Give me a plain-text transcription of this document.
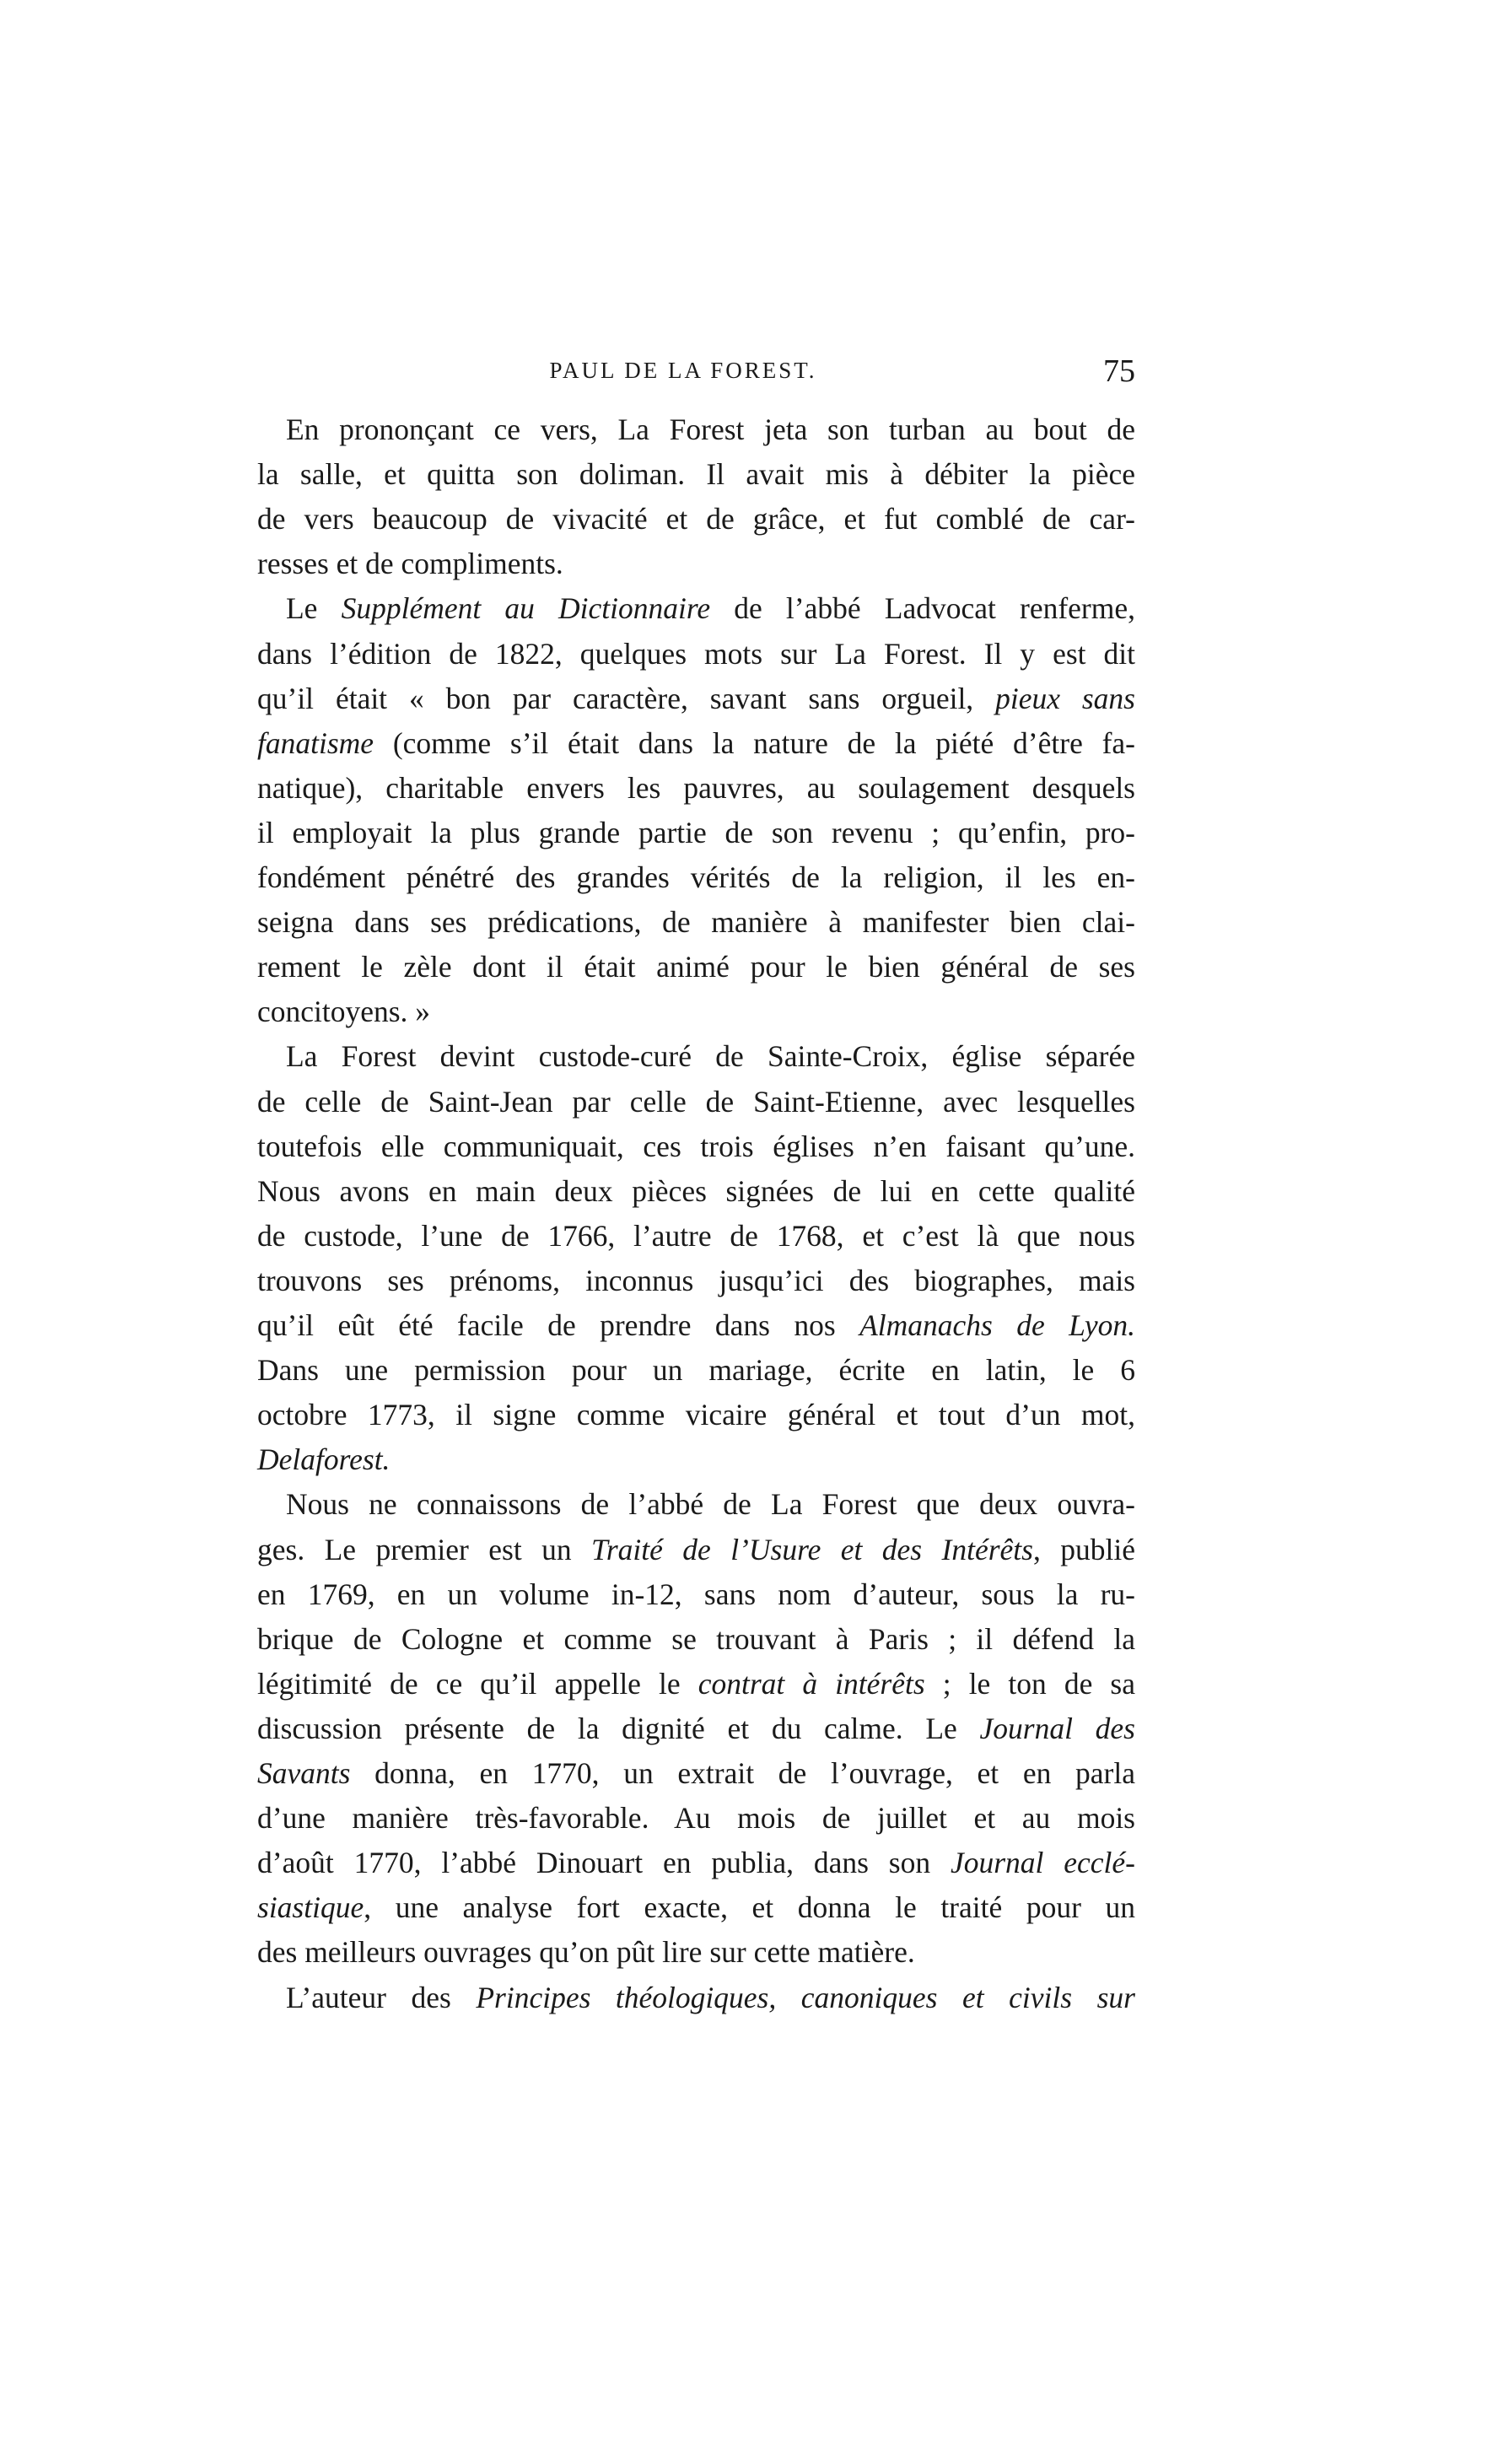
PAUL DE LA FOREST.	75
En prononçant ce vers, La Forest jeta son turban au bout de
la salle, et quitta son doliman. Il avait mis à débiter la pièce
de vers beaucoup de vivacité et de grâce, et fut comblé de car-
resses et de compliments.
Le Supplément au Dictionnaire de l’abbé Ladvocat renferme,
dans l’édition de 1822, quelques mots sur La Forest. Il y est dit
qu’il était « bon par caractère, savant sans orgueil, pieux sans
fanatisme (comme s’il était dans la nature de la piété d’être fa-
natique), charitable envers les pauvres, au soulagement desquels
il employait la plus grande partie de son revenu ; qu’enfin, pro-
fondément pénétré des grandes vérités de la religion, il les en-
seigna dans ses prédications, de manière à manifester bien clai-
rement le zèle dont il était animé pour le bien général de ses
concitoyens. »
La Forest devint custode-curé de Sainte-Croix, église séparée
de celle de Saint-Jean par celle de Saint-Etienne, avec lesquelles
toutefois elle communiquait, ces trois églises n’en faisant qu’une.
Nous avons en main deux pièces signées de lui en cette qualité
de custode, l’une de 1766, l’autre de 1768, et c’est là que nous
trouvons ses prénoms, inconnus jusqu’ici des biographes, mais
qu’il eût été facile de prendre dans nos Almanachs de Lyon.
Dans une permission pour un mariage, écrite en latin, le 6
octobre 1773, il signe comme vicaire général et tout d’un mot,
Delaforest.
Nous ne connaissons de l’abbé de La Forest que deux ouvra-
ges. Le premier est un Traité de l’Usure et des Intérêts, publié
en 1769, en un volume in-12, sans nom d’auteur, sous la ru-
brique de Cologne et comme se trouvant à Paris ; il défend la
légitimité de ce qu’il appelle le contrat à intérêts ; le ton de sa
discussion présente de la dignité et du calme. Le Journal des
Savants donna, en 1770, un extrait de l’ouvrage, et en parla
d’une manière très-favorable. Au mois de juillet et au mois
d’août 1770, l’abbé Dinouart en publia, dans son Journal ecclé-
siastique, une analyse fort exacte, et donna le traité pour un
des meilleurs ouvrages qu’on pût lire sur cette matière.
L’auteur des Principes théologiques, canoniques et civils sur
